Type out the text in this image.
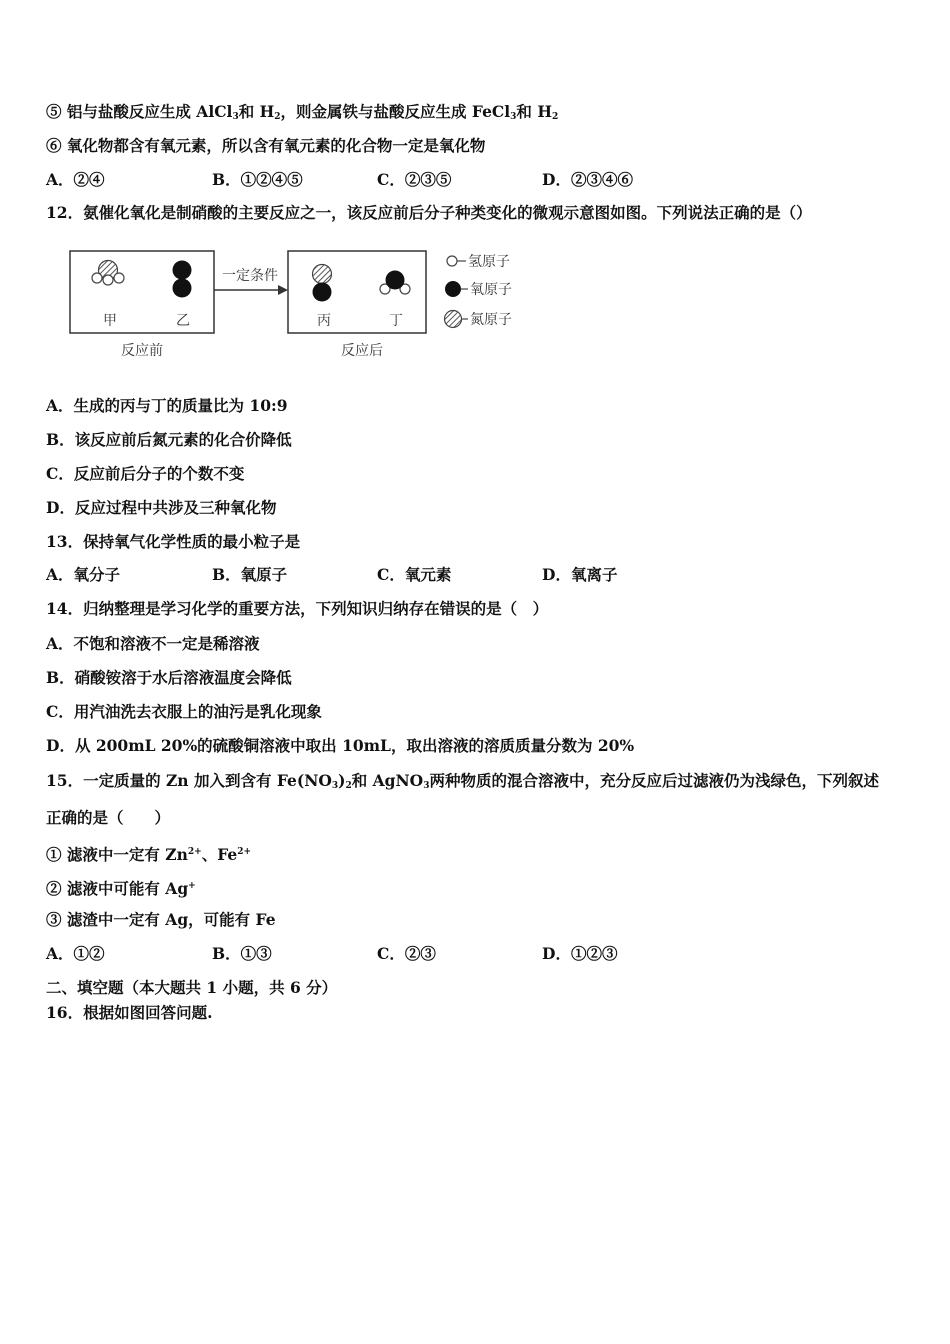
⑤ 铝与盐酸反应生成 AlCl$_3$和 $H_2$，则金属铁与盐酸反应生成 FeCl$_3$和 $H_2$
⑥ 氧化物都含有氧元素，所以含有氧元素的化合物一定是氧化物
A．②④	B．①②④⑤	C．②③⑤	D．②③④⑥
12．氨催化氧化是制硝酸的主要反应之一，该反应前后分子种类变化的微观示意图如图。下列说法正确的是（）
甲	乙
一定条件
丙	丁
反应前	反应后
氢原子
氧原子
氮原子
A．生成的丙与丁的质量比为 10:9
B．该反应前后氮元素的化合价降低
C．反应前后分子的个数不变
D．反应过程中共涉及三种氧化物
13．保持氧气化学性质的最小粒子是
A．氧分子	B．氧原子	C．氧元素	D．氧离子
14．归纳整理是学习化学的重要方法，下列知识归纳存在错误的是（　）
A．不饱和溶液不一定是稀溶液
B．硝酸铵溶于水后溶液温度会降低
C．用汽油洗去衣服上的油污是乳化现象
D．从 200mL 20%的硫酸铜溶液中取出 10mL，取出溶液的溶质质量分数为 20%
15．一定质量的 Zn 加入到含有 $Fe(NO_3)_2$和 AgNO$_3$两种物质的混合溶液中，充分反应后过滤液仍为浅绿色，下列叙述
正确的是（　　）
① 滤液中一定有 $Zn^{2+}$、$Fe^{2+}$
② 滤液中可能有 Ag+
③ 滤渣中一定有 Ag，可能有 Fe
A．①②	B．①③	C．②③	D．①②③
二、填空题（本大题共 1 小题，共 6 分）
16．根据如图回答问题.
